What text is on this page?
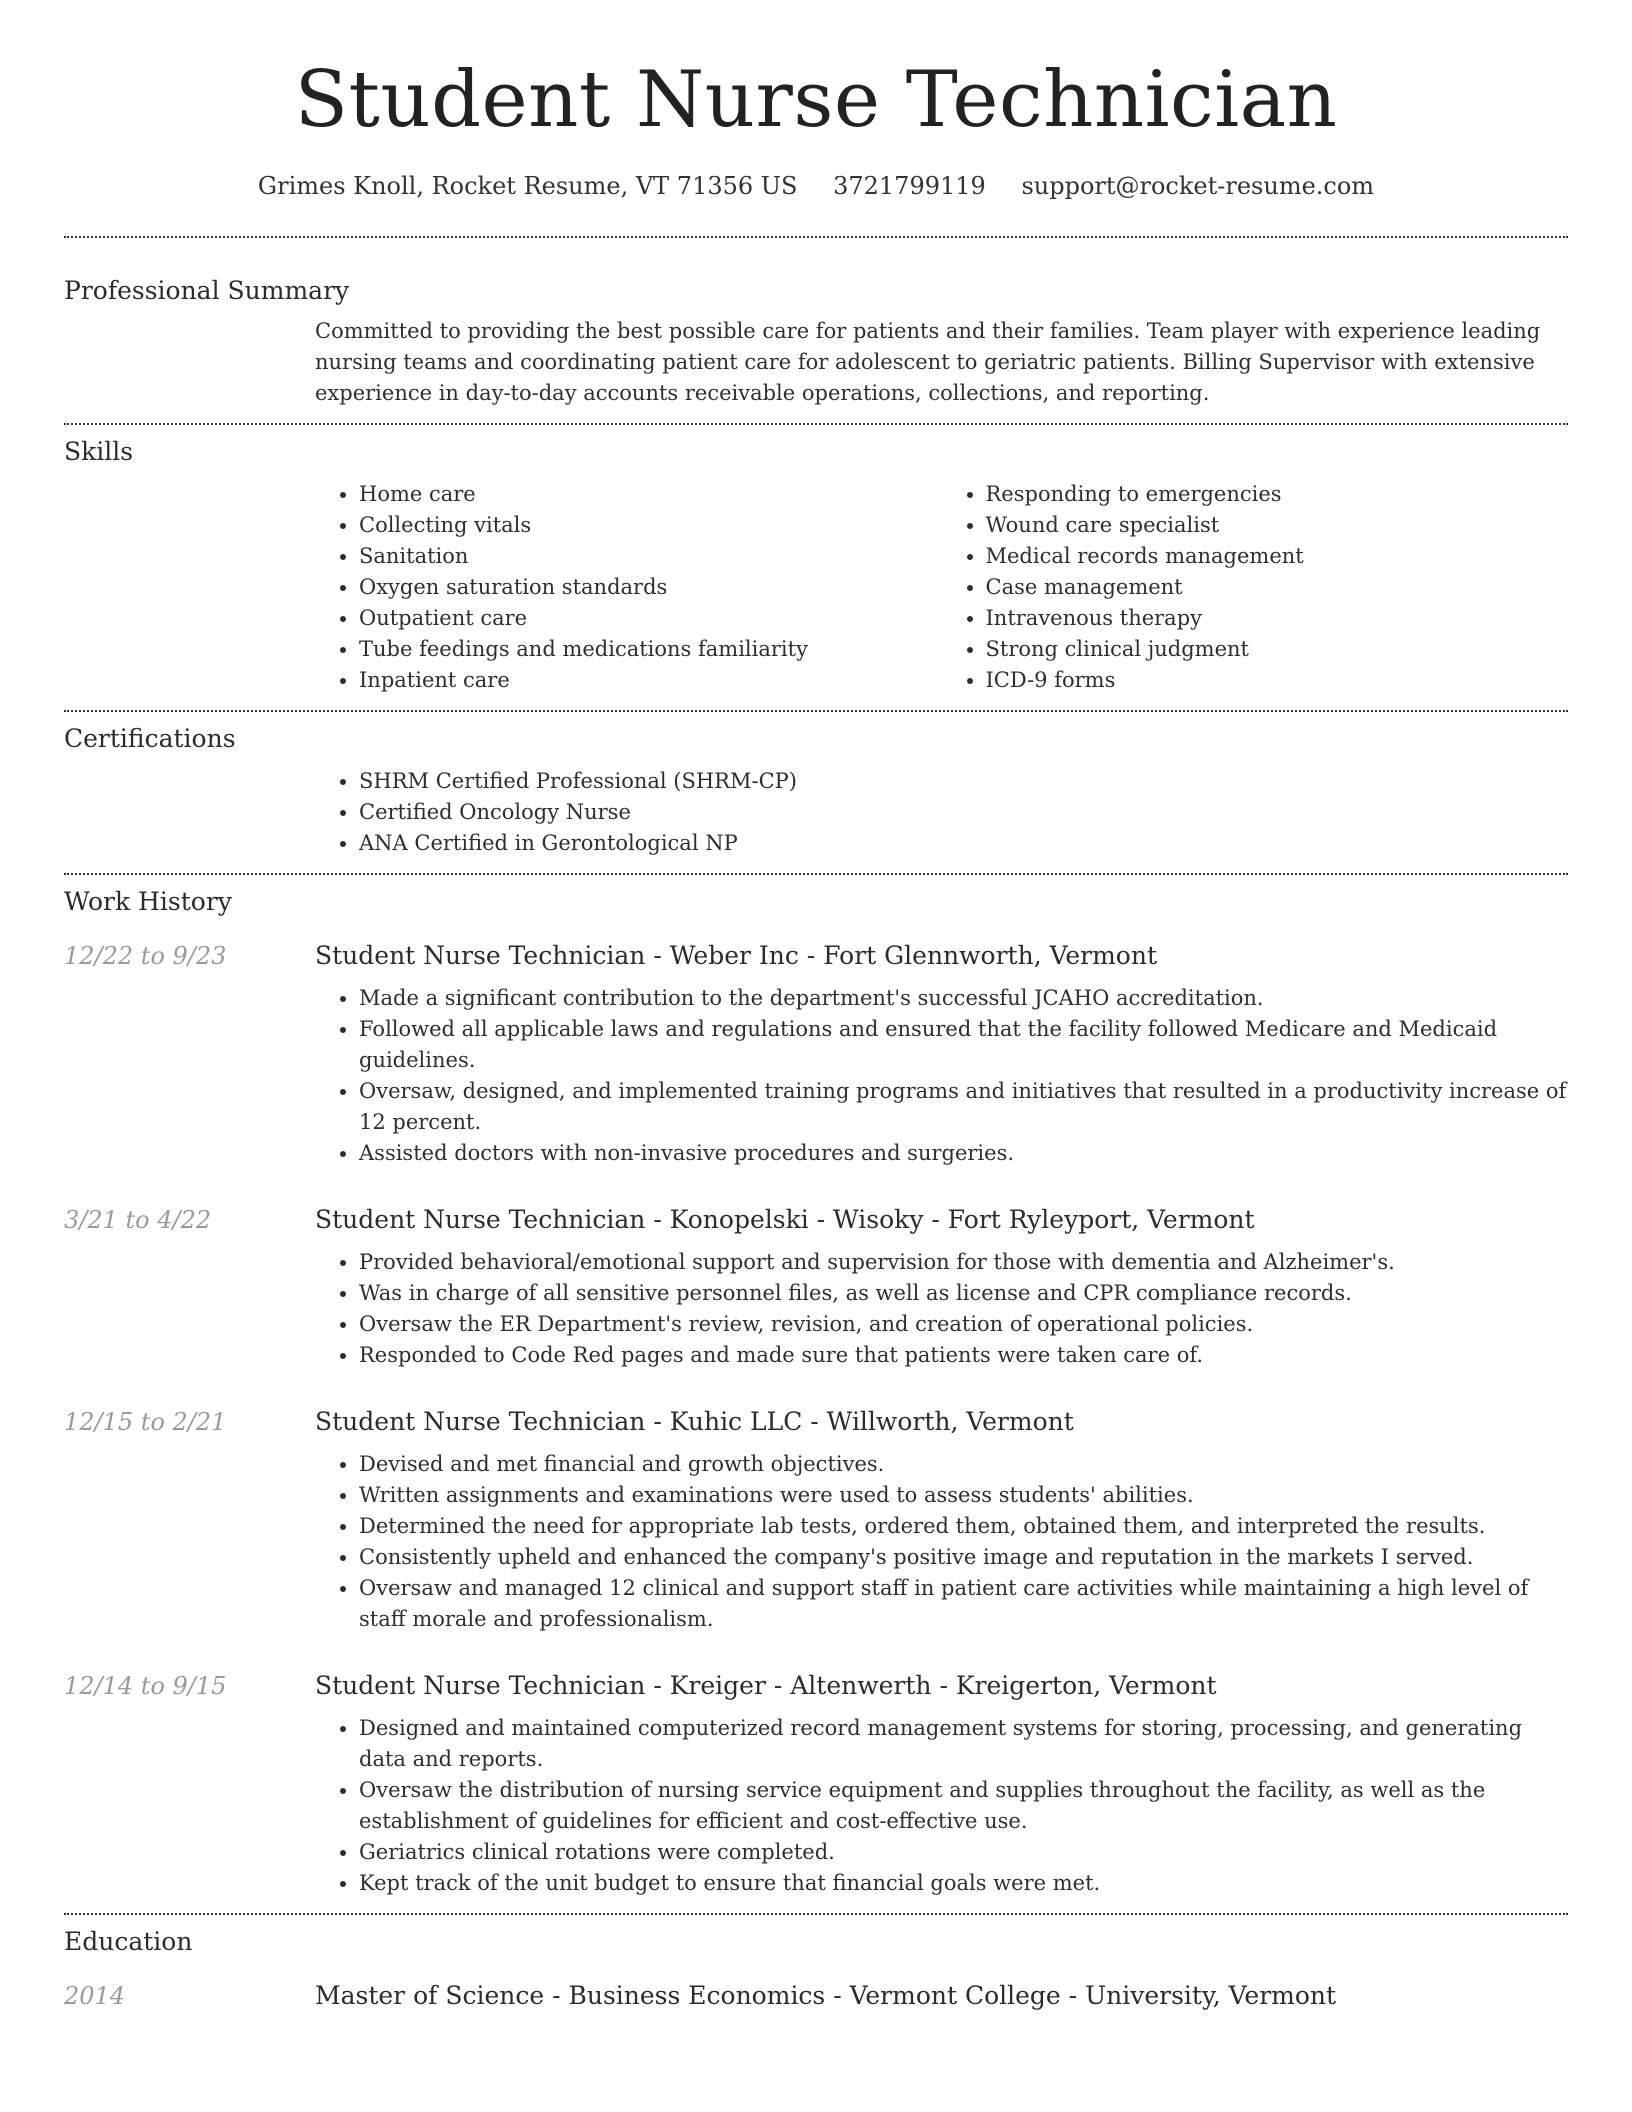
Student Nurse Technician
Grimes Knoll, Rocket Resume, VT 71356 US 3721799119 support@rocket-resume.com
Professional Summary

Committed to providing the best possible care for patients and their families. Team player with experience leading nursing teams and coordinating patient care for adolescent to geriatric patients. Billing Supervisor with extensive experience in day-to-day accounts receivable operations, collections, and reporting.

Skills
• Home care
• Collecting vitals
• Sanitation
• Oxygen saturation standards
• Outpatient care
• Tube feedings and medications familiarity
• Inpatient care
• Responding to emergencies
• Wound care specialist
• Medical records management
• Case management
• Intravenous therapy
• Strong clinical judgment
• ICD-9 forms
Certifications
• SHRM Certified Professional (SHRM-CP)
• Certified Oncology Nurse
• ANA Certified in Gerontological NP
Work History
12/22 to 9/23	Student Nurse Technician - Weber Inc - Fort Glennworth, Vermont
• Made a significant contribution to the department's successful JCAHO accreditation.
• Followed all applicable laws and regulations and ensured that the facility followed Medicare and Medicaid guidelines.
• Oversaw, designed, and implemented training programs and initiatives that resulted in a productivity increase of 12 percent.
• Assisted doctors with non-invasive procedures and surgeries.
3/21 to 4/22	Student Nurse Technician - Konopelski - Wisoky - Fort Ryleyport, Vermont
• Provided behavioral/emotional support and supervision for those with dementia and Alzheimer's.
• Was in charge of all sensitive personnel files, as well as license and CPR compliance records.
• Oversaw the ER Department's review, revision, and creation of operational policies.
• Responded to Code Red pages and made sure that patients were taken care of.
12/15 to 2/21	Student Nurse Technician - Kuhic LLC - Willworth, Vermont
• Devised and met financial and growth objectives.
• Written assignments and examinations were used to assess students' abilities.
• Determined the need for appropriate lab tests, ordered them, obtained them, and interpreted the results.
• Consistently upheld and enhanced the company's positive image and reputation in the markets I served.
• Oversaw and managed 12 clinical and support staff in patient care activities while maintaining a high level of staff morale and professionalism.
12/14 to 9/15	Student Nurse Technician - Kreiger - Altenwerth - Kreigerton, Vermont
• Designed and maintained computerized record management systems for storing, processing, and generating data and reports.
• Oversaw the distribution of nursing service equipment and supplies throughout the facility, as well as the establishment of guidelines for efficient and cost-effective use.
• Geriatrics clinical rotations were completed.
• Kept track of the unit budget to ensure that financial goals were met.
Education
2014	Master of Science - Business Economics - Vermont College - University, Vermont
